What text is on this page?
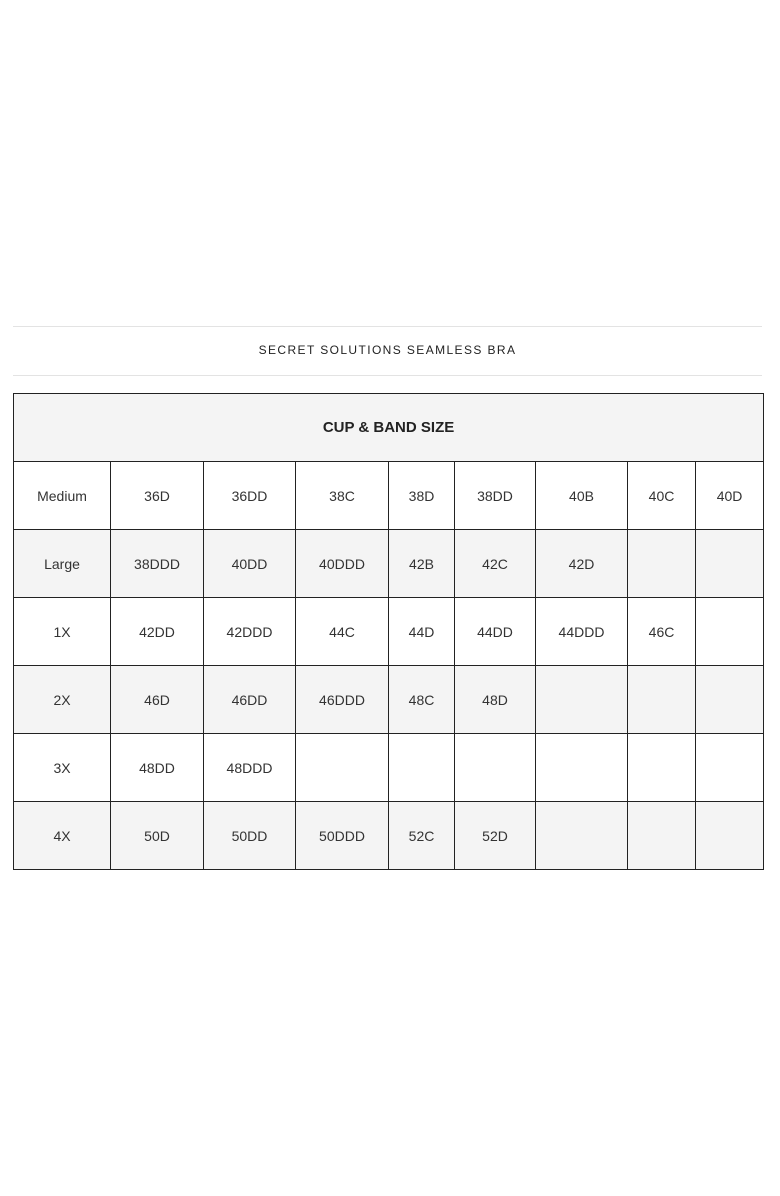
SECRET SOLUTIONS SEAMLESS BRA
CUP & BAND SIZE								
Medium	36D	36DD	38C	38D	38DD	40B	40C	40D
Large	38DDD	40DD	40DDD	42B	42C	42D		
1X	42DD	42DDD	44C	44D	44DD	44DDD	46C	
2X	46D	46DD	46DDD	48C	48D			
3X	48DD	48DDD						
4X	50D	50DD	50DDD	52C	52D			
